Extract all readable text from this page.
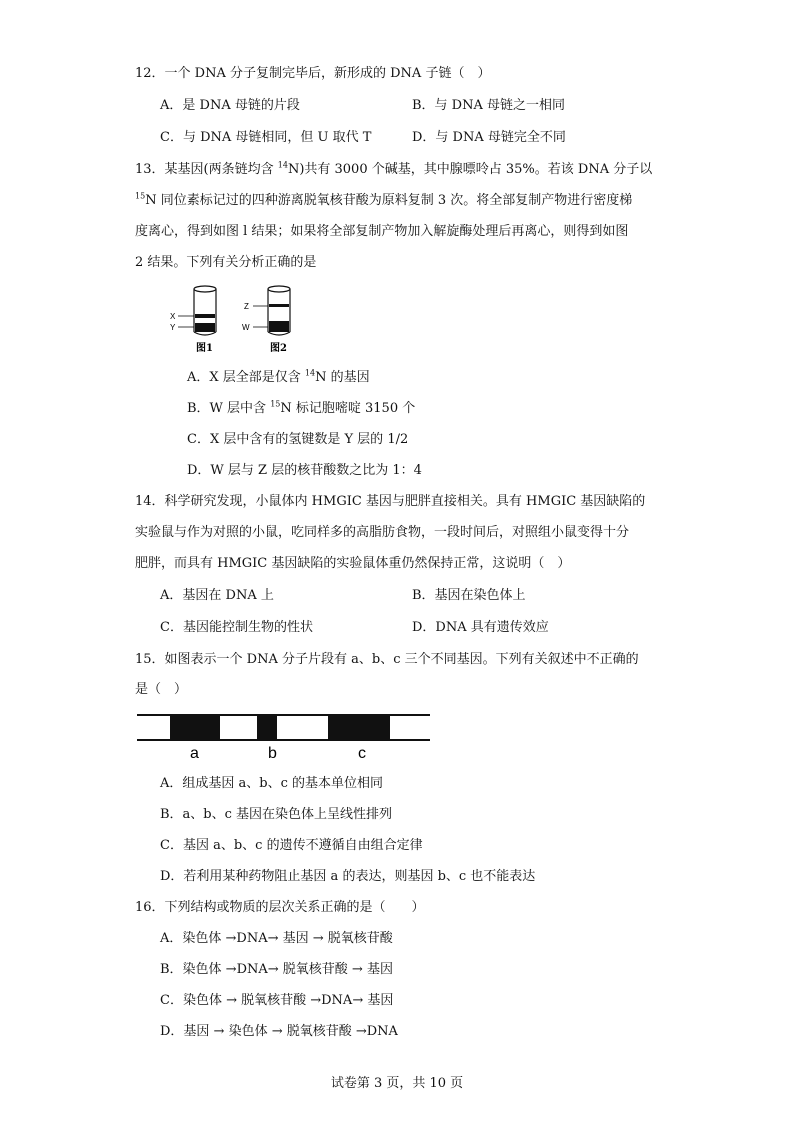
12．一个 DNA 分子复制完毕后，新形成的 DNA 子链（　）
A．是 DNA 母链的片段	B．与 DNA 母链之一相同
C．与 DNA 母链相同，但 U 取代 T	D．与 DNA 母链完全不同
13．某基因(两条链均含 $^{14}$N)共有 3000 个碱基，其中腺嘌呤占 35%。若该 DNA 分子以
$^{15}$N 同位素标记过的四种游离脱氧核苷酸为原料复制 3 次。将全部复制产物进行密度梯
度离心，得到如图 l 结果；如果将全部复制产物加入解旋酶处理后再离心，则得到如图
2 结果。下列有关分析正确的是
X
Y
图1
Z
W
图2
A．X 层全部是仅含 $^{14}$N 的基因
B．W 层中含 $^{15}$N 标记胞嘧啶 3150 个
C．X 层中含有的氢键数是 Y 层的 1/2
D．W 层与 Z 层的核苷酸数之比为 1：4
14．科学研究发现，小鼠体内 HMGIC 基因与肥胖直接相关。具有 HMGIC 基因缺陷的
实验鼠与作为对照的小鼠，吃同样多的高脂肪食物，一段时间后，对照组小鼠变得十分
肥胖，而具有 HMGIC 基因缺陷的实验鼠体重仍然保持正常，这说明（　）
A．基因在 DNA 上	B．基因在染色体上
C．基因能控制生物的性状	D．DNA 具有遗传效应
15．如图表示一个 DNA 分子片段有 a、b、c 三个不同基因。下列有关叙述中不正确的
是（　）
a	b	c
A．组成基因 a、b、c 的基本单位相同
B．a、b、c 基因在染色体上呈线性排列
C．基因 a、b、c 的遗传不遵循自由组合定律
D．若利用某种药物阻止基因 a 的表达，则基因 b、c 也不能表达
16．下列结构或物质的层次关系正确的是（　　）
A．染色体 →DNA→ 基因 → 脱氧核苷酸
B．染色体 →DNA→ 脱氧核苷酸 → 基因
C．染色体 → 脱氧核苷酸 →DNA→ 基因
D．基因 → 染色体 → 脱氧核苷酸 →DNA
试卷第 3 页，共 10 页
